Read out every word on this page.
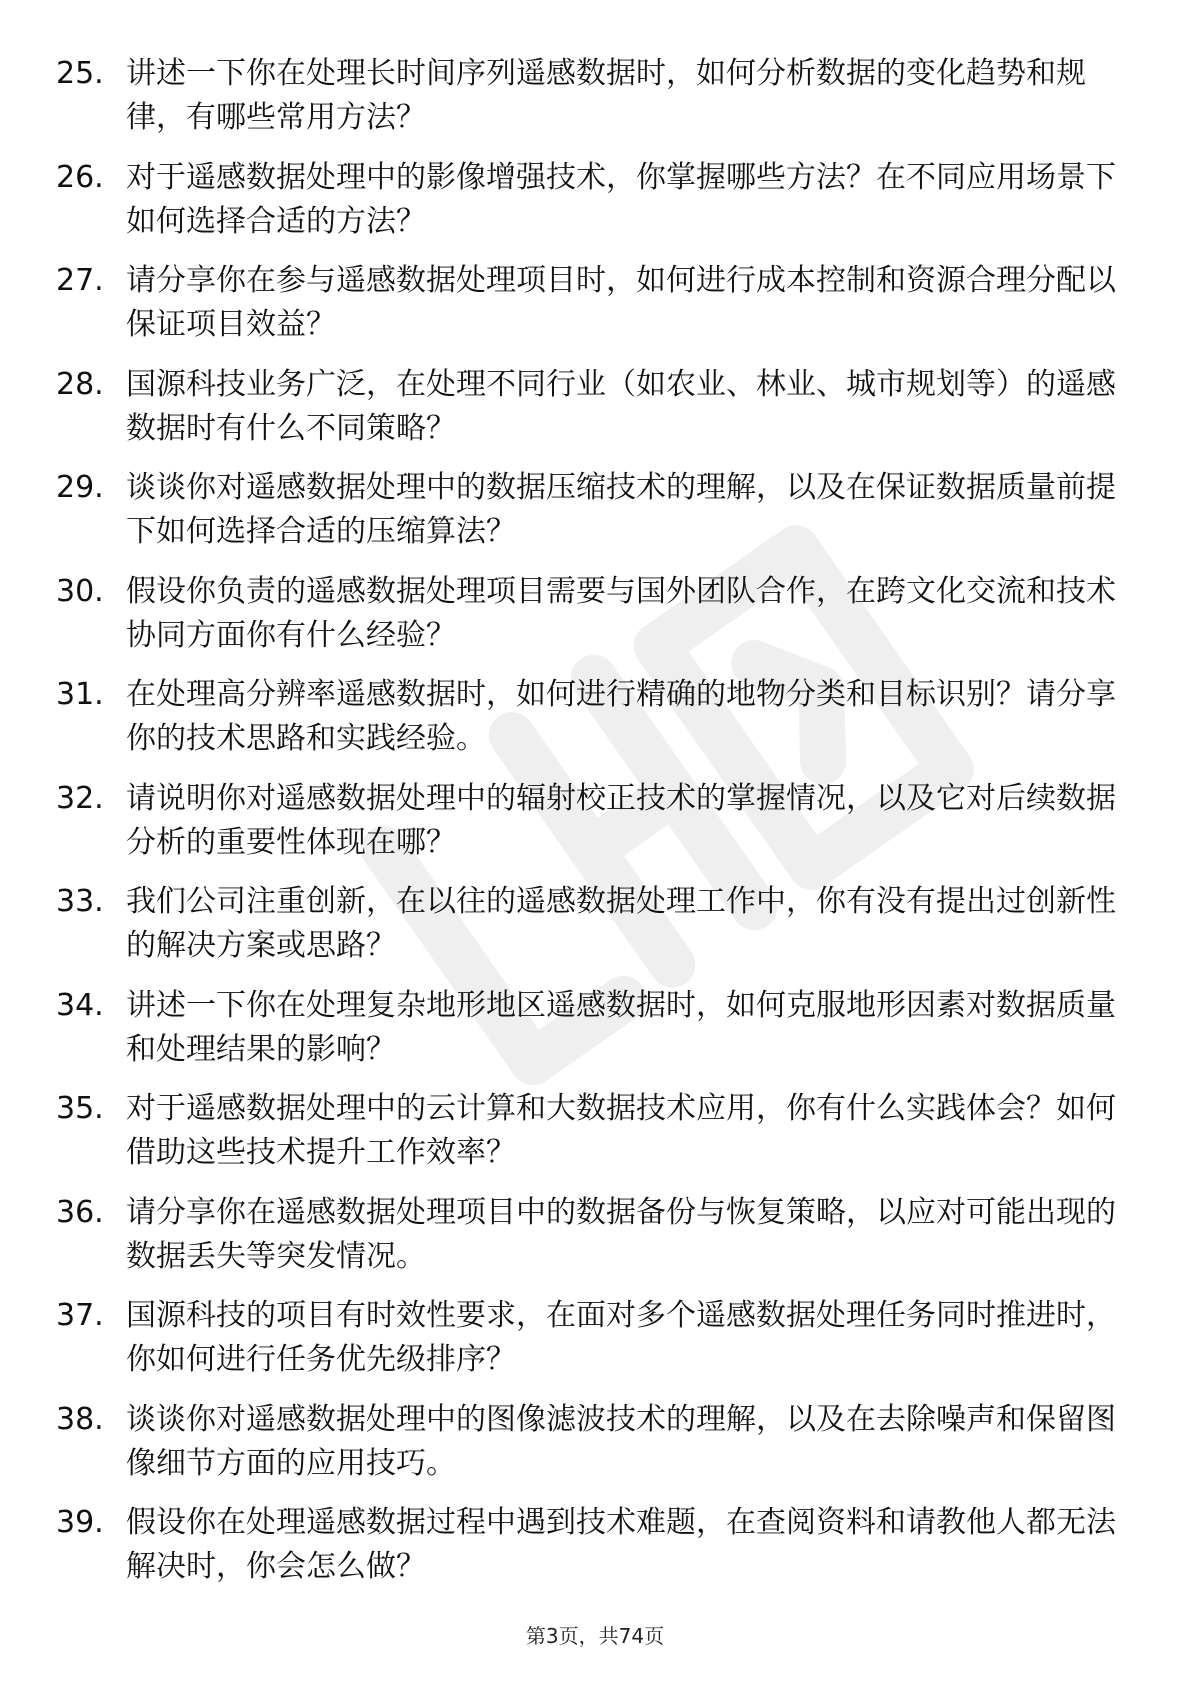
25. 讲述一下你在处理长时间序列遥感数据时，如何分析数据的变化趋势和规律，有哪些常用方法？
26. 对于遥感数据处理中的影像增强技术，你掌握哪些方法？在不同应用场景下如何选择合适的方法？
27. 请分享你在参与遥感数据处理项目时，如何进行成本控制和资源合理分配以保证项目效益？
28. 国源科技业务广泛，在处理不同行业（如农业、林业、城市规划等）的遥感数据时有什么不同策略？
29. 谈谈你对遥感数据处理中的数据压缩技术的理解，以及在保证数据质量前提下如何选择合适的压缩算法？
30. 假设你负责的遥感数据处理项目需要与国外团队合作，在跨文化交流和技术协同方面你有什么经验？
31. 在处理高分辨率遥感数据时，如何进行精确的地物分类和目标识别？请分享你的技术思路和实践经验。
32. 请说明你对遥感数据处理中的辐射校正技术的掌握情况，以及它对后续数据分析的重要性体现在哪？
33. 我们公司注重创新，在以往的遥感数据处理工作中，你有没有提出过创新性的解决方案或思路？
34. 讲述一下你在处理复杂地形地区遥感数据时，如何克服地形因素对数据质量和处理结果的影响？
35. 对于遥感数据处理中的云计算和大数据技术应用，你有什么实践体会？如何借助这些技术提升工作效率？
36. 请分享你在遥感数据处理项目中的数据备份与恢复策略，以应对可能出现的数据丢失等突发情况。
37. 国源科技的项目有时效性要求，在面对多个遥感数据处理任务同时推进时，你如何进行任务优先级排序？
38. 谈谈你对遥感数据处理中的图像滤波技术的理解，以及在去除噪声和保留图像细节方面的应用技巧。
39. 假设你在处理遥感数据过程中遇到技术难题，在查阅资料和请教他人都无法解决时，你会怎么做？
第3页，共74页
